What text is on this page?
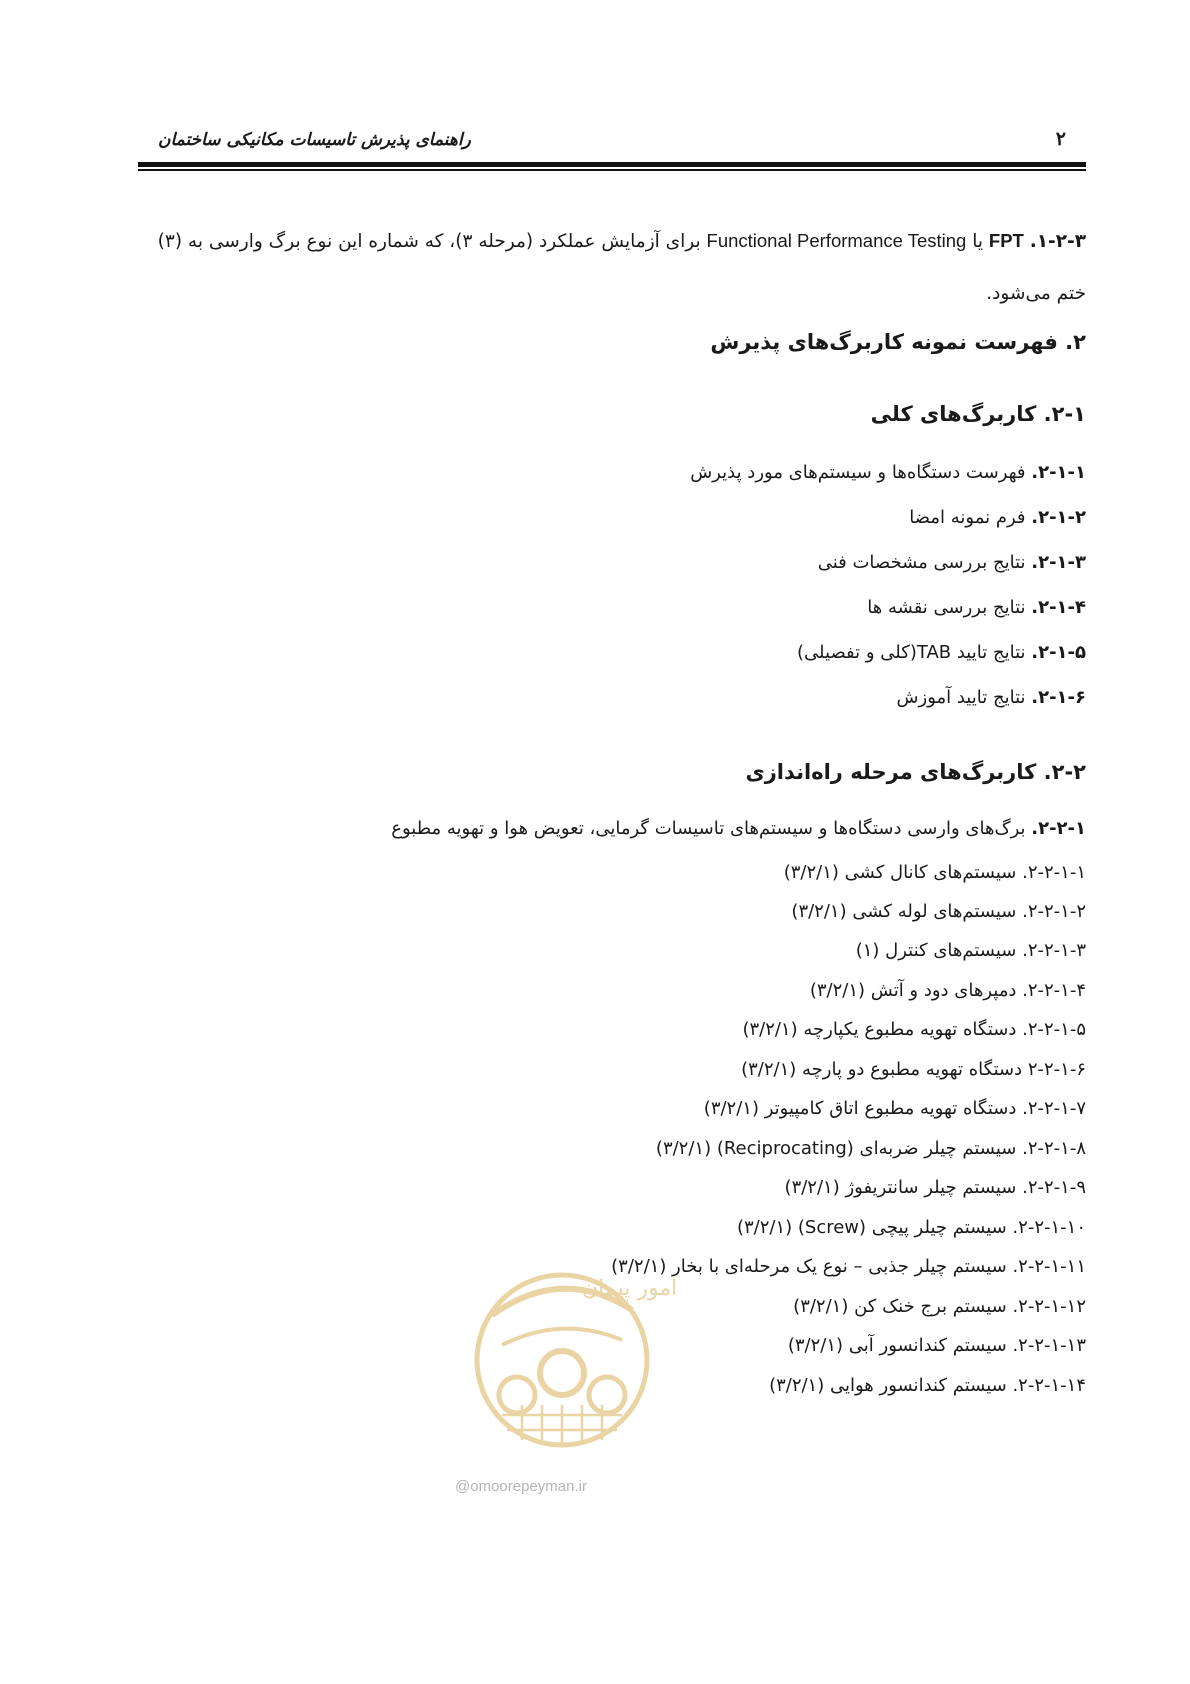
۲
راهنمای پذیرش تاسیسات مکانیکی ساختمان
۱-۲-۳. FPT یا Functional Performance Testing برای آزمایش عملکرد (مرحله ۳)، که شماره این نوع برگ وارسی به (۳) ختم می‌شود.
۲. فهرست نمونه کاربرگ‌های پذیرش
۲-۱. کاربرگ‌های کلی
۲-۱-۱. فهرست دستگاه‌ها و سیستم‌های مورد پذیرش
۲-۱-۲. فرم نمونه امضا
۲-۱-۳. نتایج بررسی مشخصات فنی
۲-۱-۴. نتایج بررسی نقشه ها
۲-۱-۵. نتایج تایید TAB(کلی و تفصیلی)
۲-۱-۶. نتایج تایید آموزش
۲-۲. کاربرگ‌های مرحله راه‌اندازی
۲-۲-۱. برگ‌های وارسی دستگاه‌ها و سیستم‌های تاسیسات گرمایی، تعویض هوا و تهویه مطبوع
۲-۲-۱-۱. سیستم‌های کانال کشی (۳/۲/۱)
۲-۲-۱-۲. سیستم‌های لوله کشی (۳/۲/۱)
۲-۲-۱-۳. سیستم‌های کنترل (۱)
۲-۲-۱-۴. دمپرهای دود و آتش (۳/۲/۱)
۲-۲-۱-۵. دستگاه تهویه مطبوع یکپارچه (۳/۲/۱)
۲-۲-۱-۶ دستگاه تهویه مطبوع دو پارچه (۳/۲/۱)
۲-۲-۱-۷. دستگاه تهویه مطبوع اتاق کامپیوتر (۳/۲/۱)
۲-۲-۱-۸. سیستم چیلر ضربه‌ای (Reciprocating) (۳/۲/۱)
۲-۲-۱-۹. سیستم چیلر سانتریفوژ (۳/۲/۱)
۲-۲-۱-۱۰. سیستم چیلر پیچی (Screw) (۳/۲/۱)
۲-۲-۱-۱۱. سیستم چیلر جذبی – نوع یک مرحله‌ای با بخار (۳/۲/۱)
۲-۲-۱-۱۲. سیستم برج خنک کن (۳/۲/۱)
۲-۲-۱-۱۳. سیستم کندانسور آبی (۳/۲/۱)
۲-۲-۱-۱۴. سیستم کندانسور هوایی (۳/۲/۱)
امور پیمان
@omoorepeyman.ir
